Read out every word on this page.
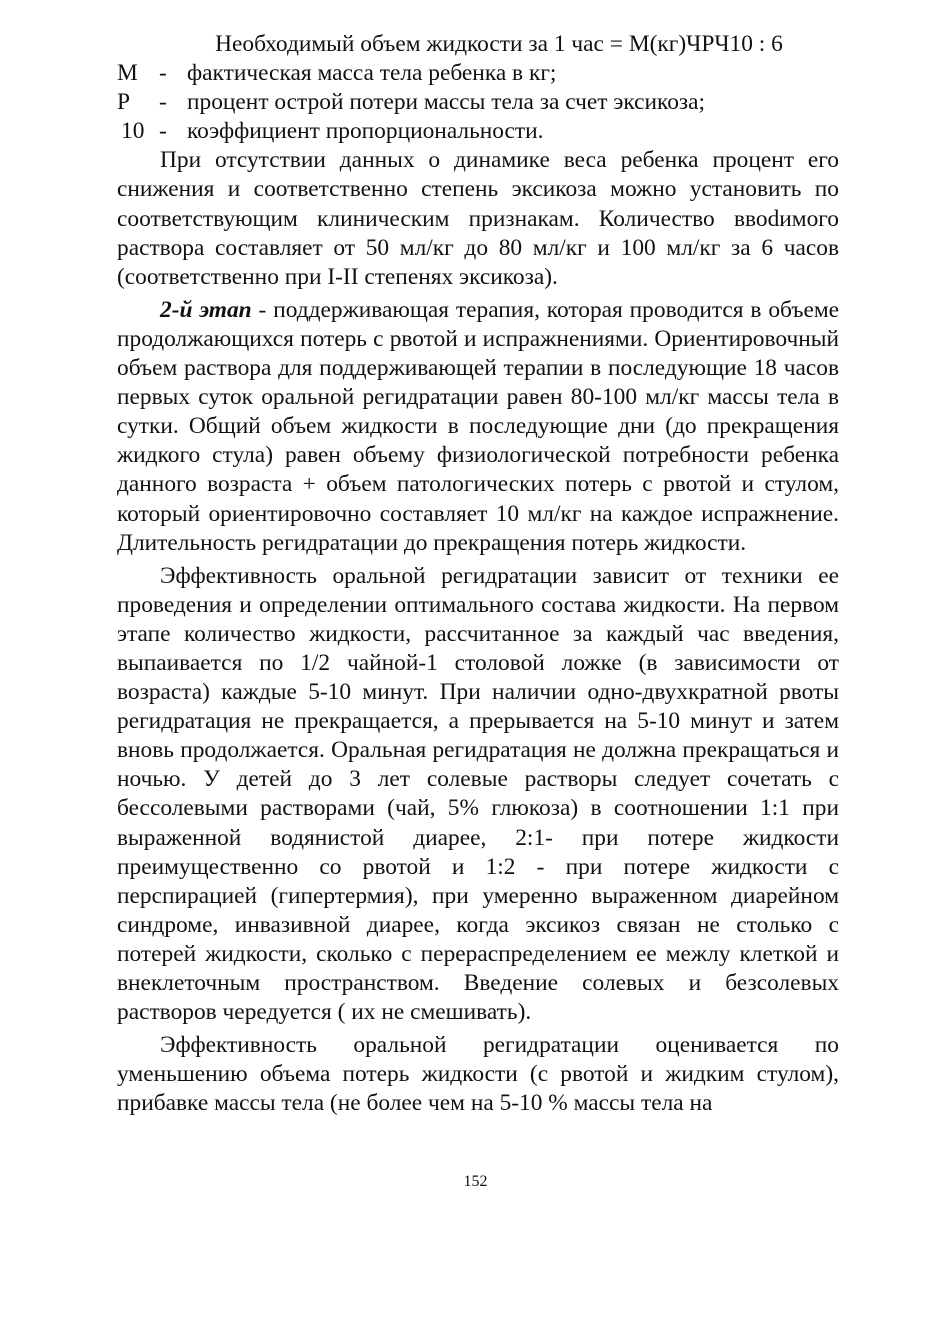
Необходимый объем жидкости за 1 час = М(кг)ЧРЧ10 : 6
М - фактическая масса тела ребенка в кг;
Р	- процент острой потери массы тела за счет эксикоза;
10 - коэффициент пропорциональности.

При отсутствии данных о динамике веса ребенка процент его снижения и соответственно степень эксикоза можно установить по соответствующим клиническим признакам. Количество ввоdимого раствора составляет от 50 мл/кг до 80 мл/кг и 100 мл/кг за 6 часов (соответственно при I-II степенях эксикоза).

2-й этап - поддерживающая терапия, которая проводится в объеме продолжающихся потерь с рвотой и испражнениями. Ориентировочный объем раствора для поддерживающей терапии в последующие 18 часов первых суток оральной регидратации равен 80-100 мл/кг массы тела в сутки. Общий объем жидкости в последующие дни (до прекращения жидкого стула) равен объему физиологической потребности ребенка данного возраста + объем патологических потерь с рвотой и стулом, который ориентировочно составляет 10 мл/кг на каждое испражнение. Длительность регидратации до прекращения потерь жидкости.

Эффективность оральной регидратации зависит от техники ее проведения и определении оптимального состава жидкости. На первом этапе количество жидкости, рассчитанное за каждый час введения, выпаивается по 1/2 чайной-1 столовой ложке (в зависимости от возраста) каждые 5-10 минут. При наличии одно-двухкратной рвоты регидратация не прекращается, а прерывается на 5-10 минут и затем вновь продолжается. Оральная регидратация не должна прекращаться и ночью. У детей до 3 лет солевые растворы следует сочетать с бессолевыми растворами (чай, 5% глюкоза) в соотношении 1:1 при выраженной водянистой диарее, 2:1- при потере жидкости преимущественно со рвотой и 1:2 - при потере жидкости с перспирацией (гипертермия), при умеренно выраженном диарейном синдроме, инвазивной диарее, когда эксикоз связан не столько с потерей жидкости, сколько с перераспределением ее межлу клеткой и внеклеточным пространством. Введение солевых и безсолевых растворов чередуется ( их не смешивать).

Эффективность оральной регидратации оценивается по уменьшению объема потерь жидкости (с рвотой и жидким стулом), прибавке массы тела (не более чем на 5-10 % массы тела на

152
